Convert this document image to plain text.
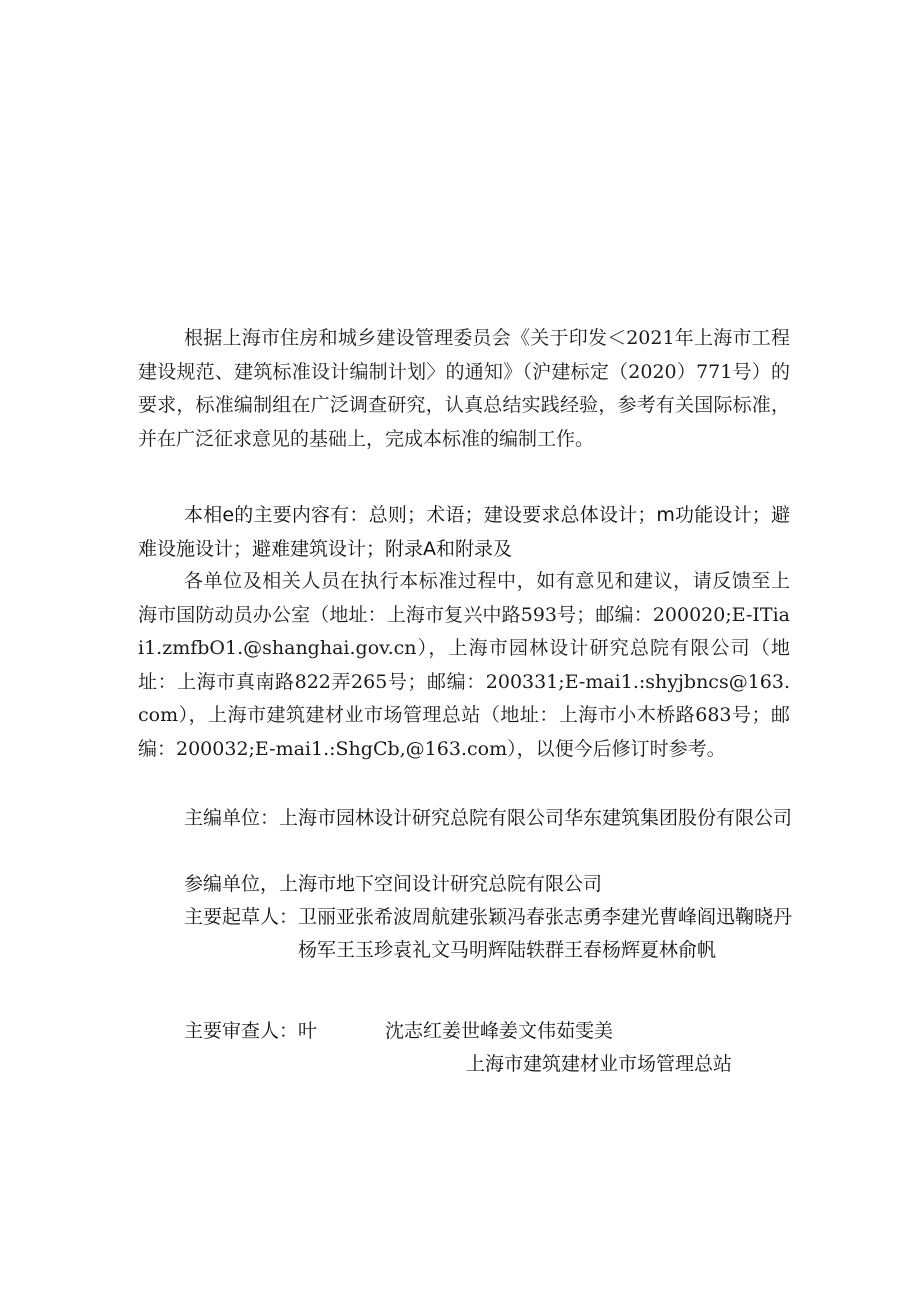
根据上海市住房和城乡建设管理委员会《关于印发＜2021年上海市工程建设规范、建筑标准设计编制计划〉的通知》（沪建标定（2020）771号）的要求，标准编制组在广泛调查研究，认真总结实践经验，参考有关国际标准，并在广泛征求意见的基础上，完成本标准的编制工作。

本相e的主要内容有：总则；术语；建设要求总体设计；m功能设计；避难设施设计；避难建筑设计；附录A和附录及

各单位及相关人员在执行本标准过程中，如有意见和建议，请反馈至上海市国防动员办公室（地址：上海市复兴中路593号；邮编：200020;E-ITiai1.zmfbO1.@shanghai.gov.cn），上海市园林设计研究总院有限公司（地址：上海市真南路822弄265号；邮编：200331;E-mai1.:shyjbncs@163.com），上海市建筑建材业市场管理总站（地址：上海市小木桥路683号；邮编：200032;E-mai1.:ShgCb,@163.com），以便今后修订时参考。

主编单位： 上海市园林设计研究总院有限公司华东建筑集团股份有限公司
参编单位， 上海市地下空间设计研究总院有限公司
主要起草人： 卫丽亚张希波周航建张颖冯春张志勇李建光曹峰阎迅鞠晓丹杨军王玉珍袁礼文马明辉陆轶群王春杨辉夏林俞帆
主要审查人：叶	沈志红姜世峰姜文伟茹雯美
上海市建筑建材业市场管理总站
